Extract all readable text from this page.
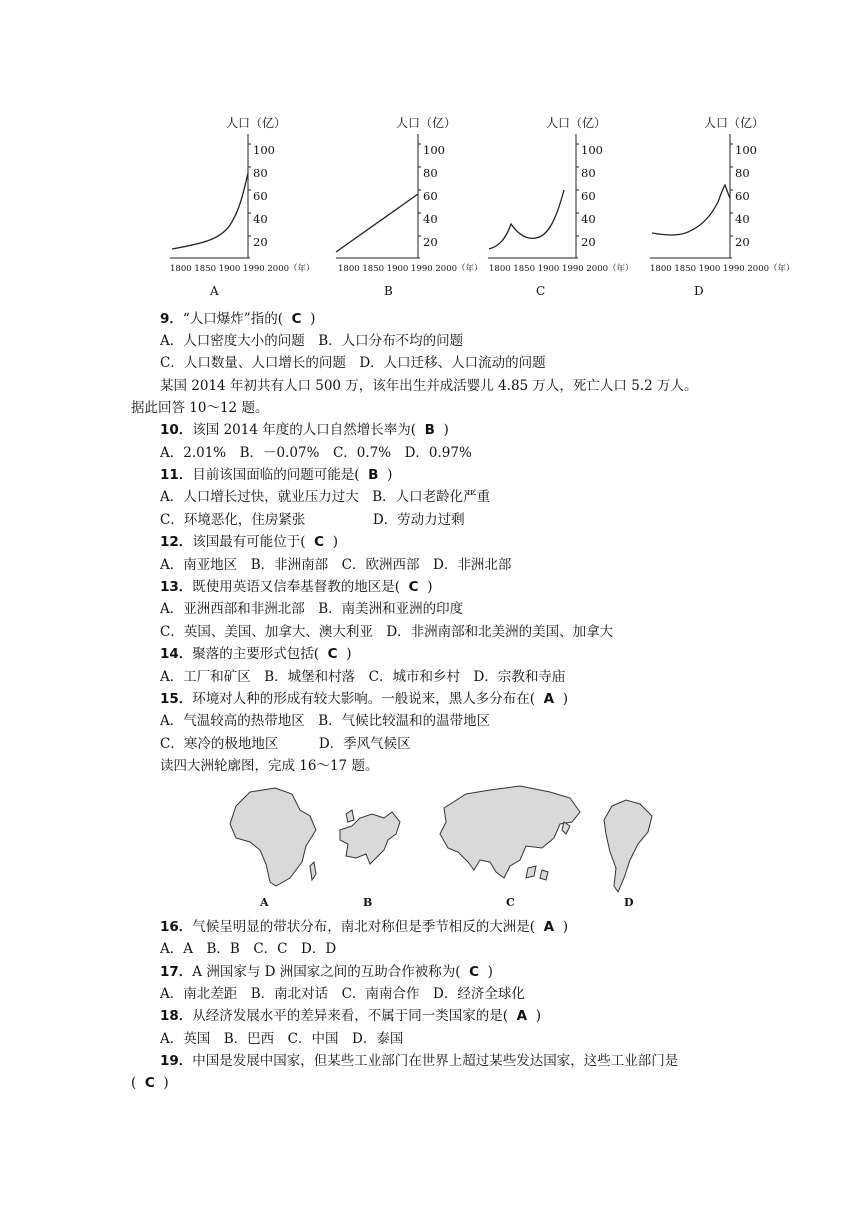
人口（亿）
100
80
60
40
20
1800 1850 1900 1990 2000（年）
A
人口（亿）
100
80
60
40
20
1800 1850 1900 1990 2000（年）
B
人口（亿）
100
80
60
40
20
1800 1850 1900 1990 2000（年）
C
人口（亿）
100
80
60
40
20
1800 1850 1900 1990 2000（年）
D
9．“人口爆炸”指的( C )
A．人口密度大小的问题　B．人口分布不均的问题
C．人口数量、人口增长的问题　D．人口迁移、人口流动的问题
某国 2014 年初共有人口 500 万，该年出生并成活婴儿 4.85 万人，死亡人口 5.2 万人。
据此回答 10～12 题。
10．该国 2014 年度的人口自然增长率为( B )
A．2.01%　B．－0.07%　C．0.7%　D．0.97%
11．目前该国面临的问题可能是( B )
A．人口增长过快，就业压力过大　B．人口老龄化严重
C．环境恶化，住房紧张　　　　　D．劳动力过剩
12．该国最有可能位于( C )
A．南亚地区　B．非洲南部　C．欧洲西部　D．非洲北部
13．既使用英语又信奉基督教的地区是( C )
A．亚洲西部和非洲北部　B．南美洲和亚洲的印度
C．英国、美国、加拿大、澳大利亚　D．非洲南部和北美洲的美国、加拿大
14．聚落的主要形式包括( C )
A．工厂和矿区　B．城堡和村落　C．城市和乡村　D．宗教和寺庙
15．环境对人种的形成有较大影响。一般说来，黑人多分布在( A )
A．气温较高的热带地区　B．气候比较温和的温带地区
C．寒冷的极地地区　　　D．季风气候区
读四大洲轮廓图，完成 16～17 题。
A	B	C	D
16．气候呈明显的带状分布，南北对称但是季节相反的大洲是( A )
A．A　B．B　C．C　D．D
17．A 洲国家与 D 洲国家之间的互助合作被称为( C )
A．南北差距　B．南北对话　C．南南合作　D．经济全球化
18．从经济发展水平的差异来看，不属于同一类国家的是( A )
A．英国　B．巴西　C．中国　D．泰国
19．中国是发展中国家，但某些工业部门在世界上超过某些发达国家，这些工业部门是
( C )
